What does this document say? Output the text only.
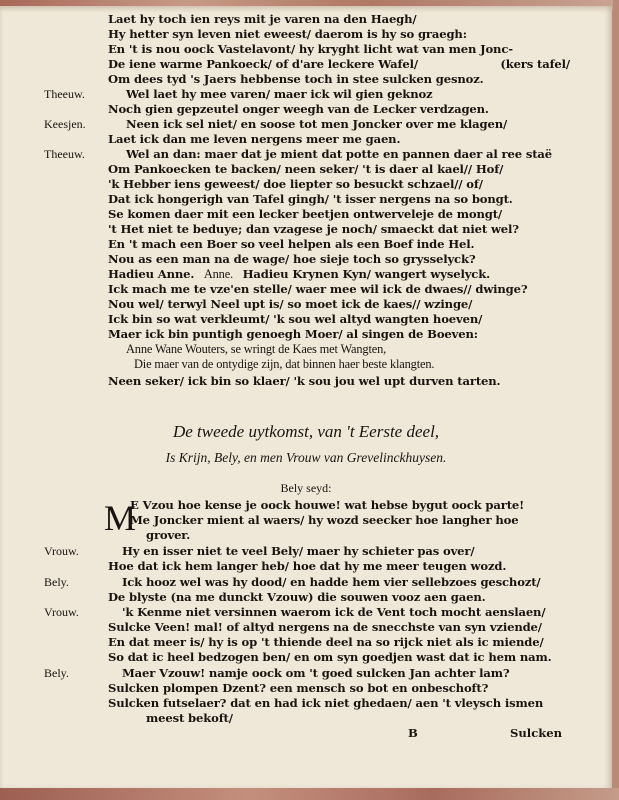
Laet hy toch ien reys mit je varen na den Haegh/
Hy hetter syn leven niet eweest/ daerom is hy so graegh:
En 't is nou oock Vastelavont/ hy kryght licht wat van men Jonc-
De iene warme Pankoeck/ of d'are leckere Wafel/	(kers tafel/
Om dees tyd 's Jaers hebbense toch in stee sulcken gesnoz.
Theeuw.	Wel laet hy mee varen/ maer ick wil gien geknoz
Noch gien gepzeutel onger weegh van de Lecker verdzagen.
Keesjen.	Neen ick sel niet/ en soose tot men Joncker over me klagen/
Laet ick dan me leven nergens meer me gaen.
Theeuw.	Wel an dan: maer dat je mient dat potte en pannen daer al ree staë
Om Pankoecken te backen/ neen seker/ 't is daer al kael// Hof/
'k Hebber iens geweest/ doe liepter so besuckt schzael// of/
Dat ick hongerigh van Tafel gingh/ 't isser nergens na so bongt.
Se komen daer mit een lecker beetjen ontwerveleje de mongt/
't Het niet te beduye; dan vzagese je noch/ smaeckt dat niet wel?
En 't mach een Boer so veel helpen als een Boef inde Hel.
Nou as een man na de wage/ hoe sieje toch so grysselyck?
Hadieu Anne. Anne. Hadieu Krynen Kyn/ wangert wyselyck.
Ick mach me te vze'en stelle/ waer mee wil ick de dwaes// dwinge?
Nou wel/ terwyl Neel upt is/ so moet ick de kaes// wzinge/
Ick bin so wat verkleumt/ 'k sou wel altyd wangten hoeven/
Maer ick bin puntigh genoegh Moer/ al singen de Boeven:
Anne Wane Wouters, se wringt de Kaes met Wangten,
Die maer van de ontydige zijn, dat binnen haer beste klangten.
Neen seker/ ick bin so klaer/ 'k sou jou wel upt durven tarten.
De tweede uytkomst, van 't Eerste deel,
Is Krijn, Bely, en men Vrouw van Grevelinckhuysen.
Bely seyd:
M
E Vzou hoe kense je oock houwe! wat hebse bygut oock parte!
Me Joncker mient al waers/ hy wozd seecker hoe langher hoe
grover.
Vrouw.	Hy en isser niet te veel Bely/ maer hy schieter pas over/
Hoe dat ick hem langer heb/ hoe dat hy me meer teugen wozd.
Bely.	Ick hooz wel was hy dood/ en hadde hem vier sellebzoes geschozt/
De blyste (na me dunckt Vzouw) die souwen vooz aen gaen.
Vrouw.	'k Kenme niet versinnen waerom ick de Vent toch mocht aenslaen/
Sulcke Veen! mal! of altyd nergens na de snecchste van syn vziende/
En dat meer is/ hy is op 't thiende deel na so rijck niet als ic miende/
So dat ic heel bedzogen ben/ en om syn goedjen wast dat ic hem nam.
Bely.	Maer Vzouw! namje oock om 't goed sulcken Jan achter lam?
Sulcken plompen Dzent? een mensch so bot en onbeschoft?
Sulcken futselaer? dat en had ick niet ghedaen/ aen 't vleysch ismen
meest bekoft/
B	Sulcken
